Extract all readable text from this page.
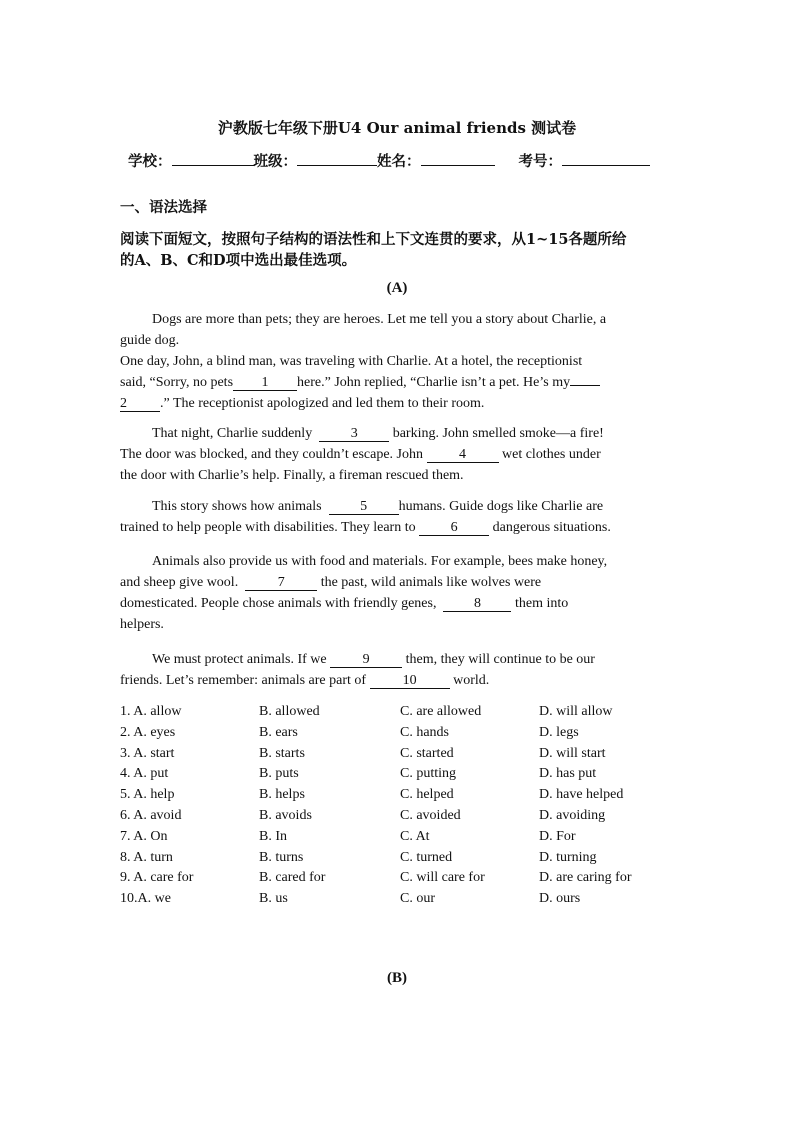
沪教版七年级下册U4 Our animal friends 测试卷
学校：	班级：	姓名：	考号：
一、语法选择
阅读下面短文，按照句子结构的语法性和上下文连贯的要求，从1~15各题所给
的A、B、C和D项中选出最佳选项。
(A)
Dogs are more than pets; they are heroes. Let me tell you a story about Charlie, a
guide dog.
One day, John, a blind man, was traveling with Charlie. At a hotel, the receptionist
said, “Sorry, no pets 1 here.” John replied, “Charlie isn’t a pet. He’s my
2 .” The receptionist apologized and led them to their room.
That night, Charlie suddenly	3	barking. John smelled smoke—a fire!
The door was blocked, and they couldn’t escape. John	4	wet clothes under
the door with Charlie’s help. Finally, a fireman rescued them.
This story shows how animals	5 humans. Guide dogs like Charlie are
trained to help people with disabilities. They learn to	6	dangerous situations.
Animals also provide us with food and materials. For example, bees make honey,
and sheep give wool.	7	the past, wild animals like wolves were
domesticated. People chose animals with friendly genes,	8 them into
helpers.
We must protect animals. If we	9	them, they will continue to be our
friends. Let’s remember: animals are part of	10	world.
1. A. allow	B. allowed	C. are allowed	D. will allow
2. A. eyes	B. ears	C. hands	D. legs
3. A. start	B. starts	C. started	D. will start
4. A. put	B. puts	C. putting	D. has put
5. A. help	B. helps	C. helped	D. have helped
6. A. avoid	B. avoids	C. avoided	D. avoiding
7. A. On	B. In	C. At	D. For
8. A. turn	B. turns	C. turned	D. turning
9. A. care for	B. cared for	C. will care for	D. are caring for
10.A. we	B. us	C. our	D. ours
(B)
